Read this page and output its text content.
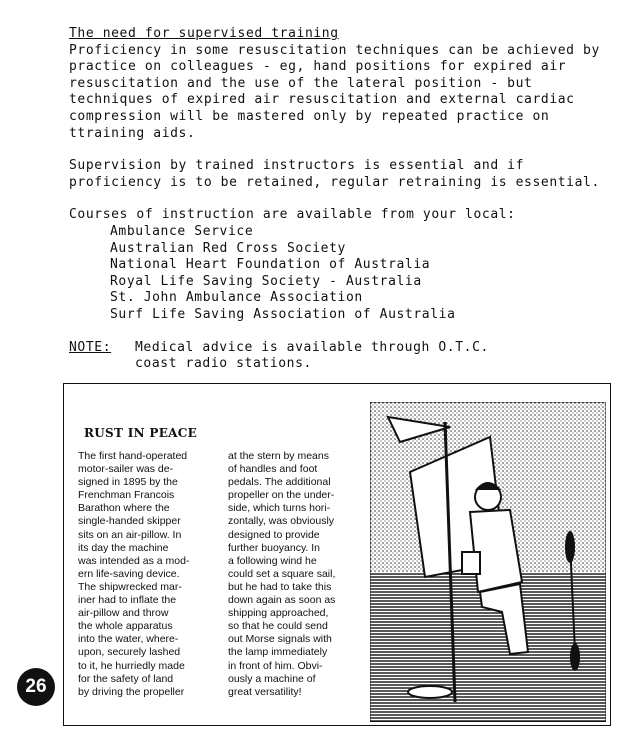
The need for supervised training

Proficiency in some resuscitation techniques can be achieved by practice on colleagues - eg, hand positions for expired air resuscitation and the use of the lateral position - but techniques of expired air resuscitation and external cardiac compression will be mastered only by repeated practice on ttraining aids.

Supervision by trained instructors is essential and if proficiency is to be retained, regular retraining is essential.

Courses of instruction are available from your local:
Ambulance Service
Australian Red Cross Society
National Heart Foundation of Australia
Royal Life Saving Society - Australia
St. John Ambulance Association
Surf Life Saving Association of Australia
NOTE:	Medical advice is available through O.T.C.
coast radio stations.
RUST IN PEACE
The first hand-operated
motor-sailer was de-
signed in 1895 by the
Frenchman Francois
Barathon where the
single-handed skipper
sits on an air-pillow. In
its day the machine
was intended as a mod-
ern life-saving device.
The shipwrecked mar-
iner had to inflate the
air-pillow and throw
the whole apparatus
into the water, where-
upon, securely lashed
to it, he hurriedly made
for the safety of land
by driving the propeller
at the stern by means
of handles and foot
pedals. The additional
propeller on the under-
side, which turns hori-
zontally, was obviously
designed to provide
further buoyancy. In
a following wind he
could set a square sail,
but he had to take this
down again as soon as
shipping approached,
so that he could send
out Morse signals with
the lamp immediately
in front of him. Obvi-
ously a machine of
great versatility!
26
